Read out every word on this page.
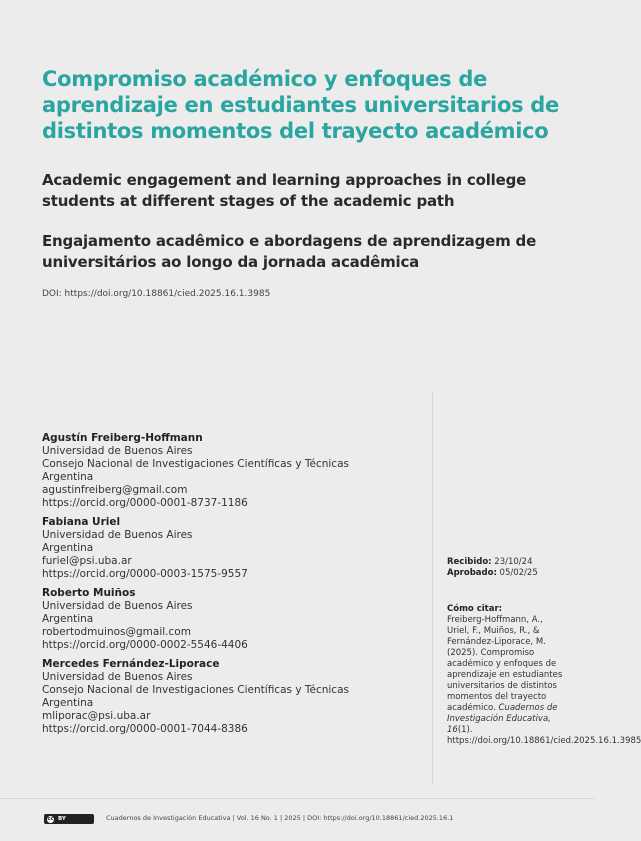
Compromiso académico y enfoques de aprendizaje en estudiantes universitarios de distintos momentos del trayecto académico
Academic engagement and learning approaches in college students at different stages of the academic path
Engajamento acadêmico e abordagens de aprendizagem de universitários ao longo da jornada acadêmica
DOI: https://doi.org/10.18861/cied.2025.16.1.3985
Agustín Freiberg-Hoffmann
Universidad de Buenos Aires
Consejo Nacional de Investigaciones Científicas y Técnicas
Argentina
agustinfreiberg@gmail.com
https://orcid.org/0000-0001-8737-1186
Fabiana Uriel
Universidad de Buenos Aires
Argentina
furiel@psi.uba.ar
https://orcid.org/0000-0003-1575-9557
Roberto Muiños
Universidad de Buenos Aires
Argentina
robertodmuinos@gmail.com
https://orcid.org/0000-0002-5546-4406
Mercedes Fernández-Liporace
Universidad de Buenos Aires
Consejo Nacional de Investigaciones Científicas y Técnicas
Argentina
mliporac@psi.uba.ar
https://orcid.org/0000-0001-7044-8386
Recibido: 23/10/24
Aprobado: 05/02/25
Cómo citar:
Freiberg-Hoffmann, A., Uriel, F., Muiños, R., & Fernández-Liporace, M. (2025). Compromiso académico y enfoques de aprendizaje en estudiantes universitarios de distintos momentos del trayecto académico. Cuadernos de Investigación Educativa, 16(1). https://doi.org/10.18861/cied.2025.16.1.3985
cc BY	Cuadernos de Investigación Educativa | Vol. 16 No. 1 | 2025 | DOI: https://doi.org/10.18861/cied.2025.16.1
